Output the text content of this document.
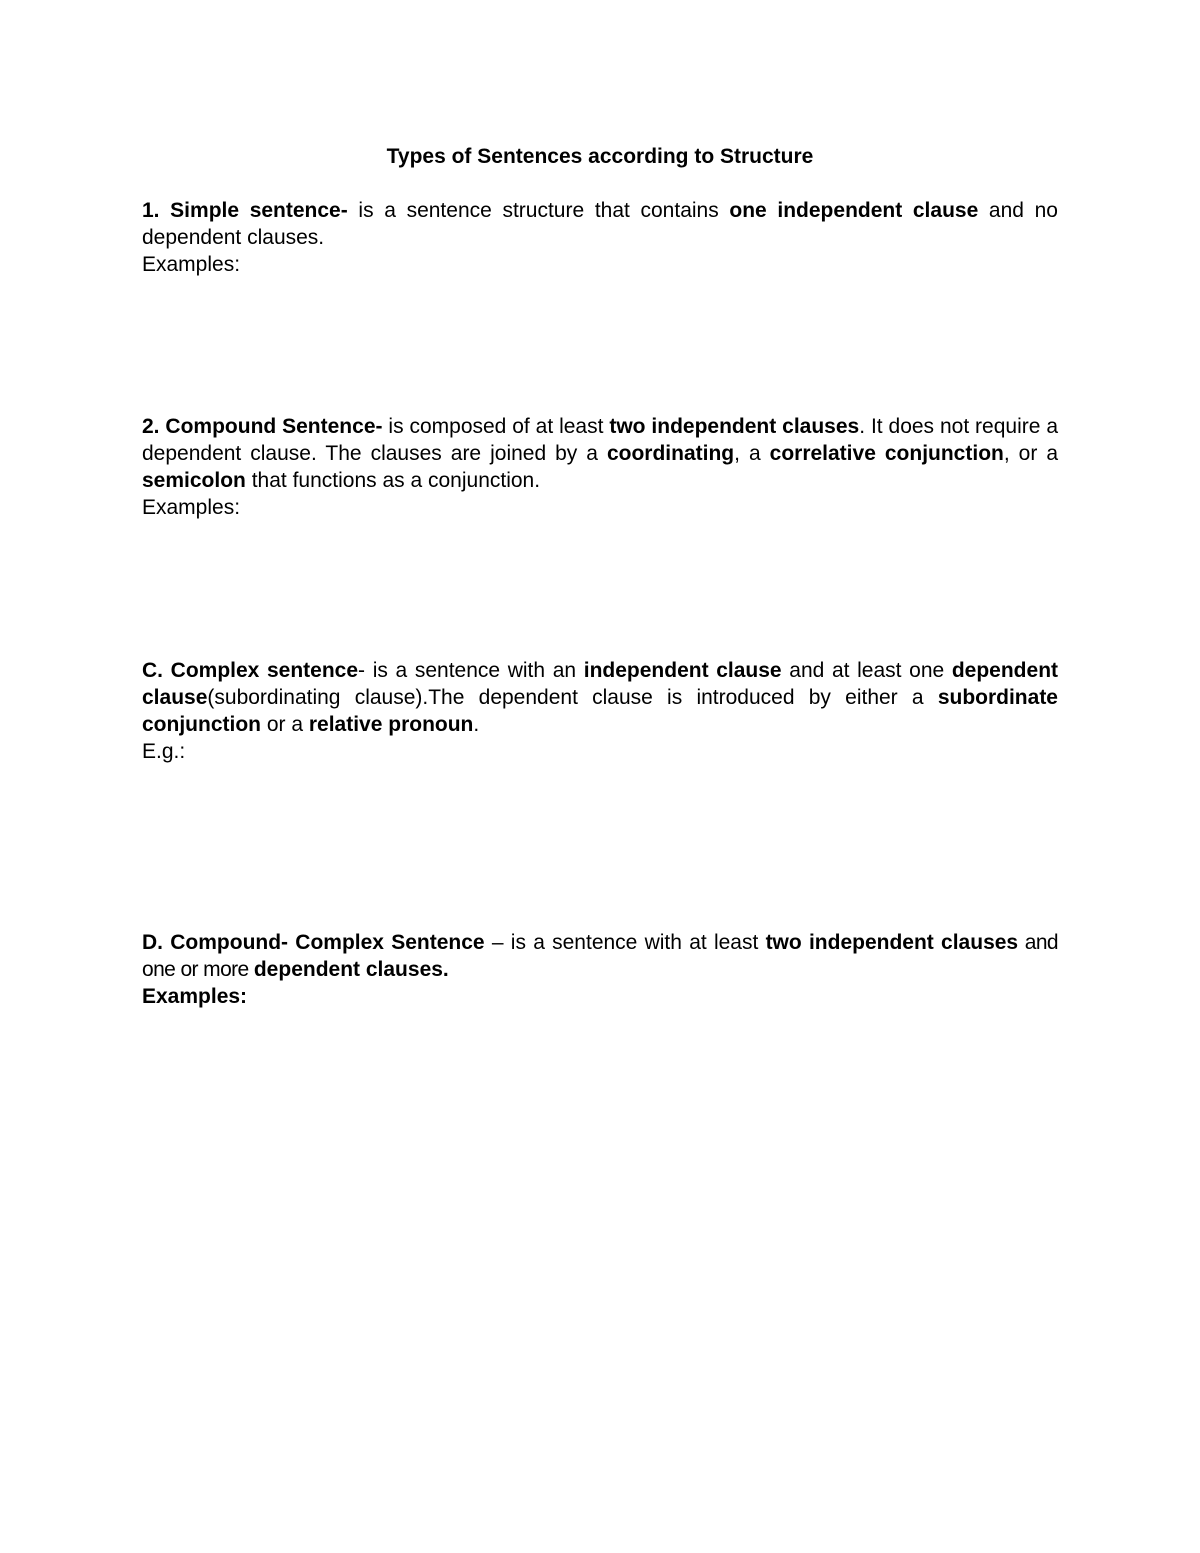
Types of Sentences according to Structure

1. Simple sentence- is a sentence structure that contains one independent clause and no dependent clauses.

Examples:

2. Compound Sentence- is composed of at least two independent clauses. It does not require a dependent clause. The clauses are joined by a coordinating, a correlative conjunction, or a semicolon that functions as a conjunction.

Examples:

C. Complex sentence- is a sentence with an independent clause and at least one dependent clause(subordinating clause).The dependent clause is introduced by either a subordinate conjunction or a relative pronoun.

E.g.:

D. Compound- Complex Sentence – is a sentence with at least two independent clauses and one or more dependent clauses.

Examples:
